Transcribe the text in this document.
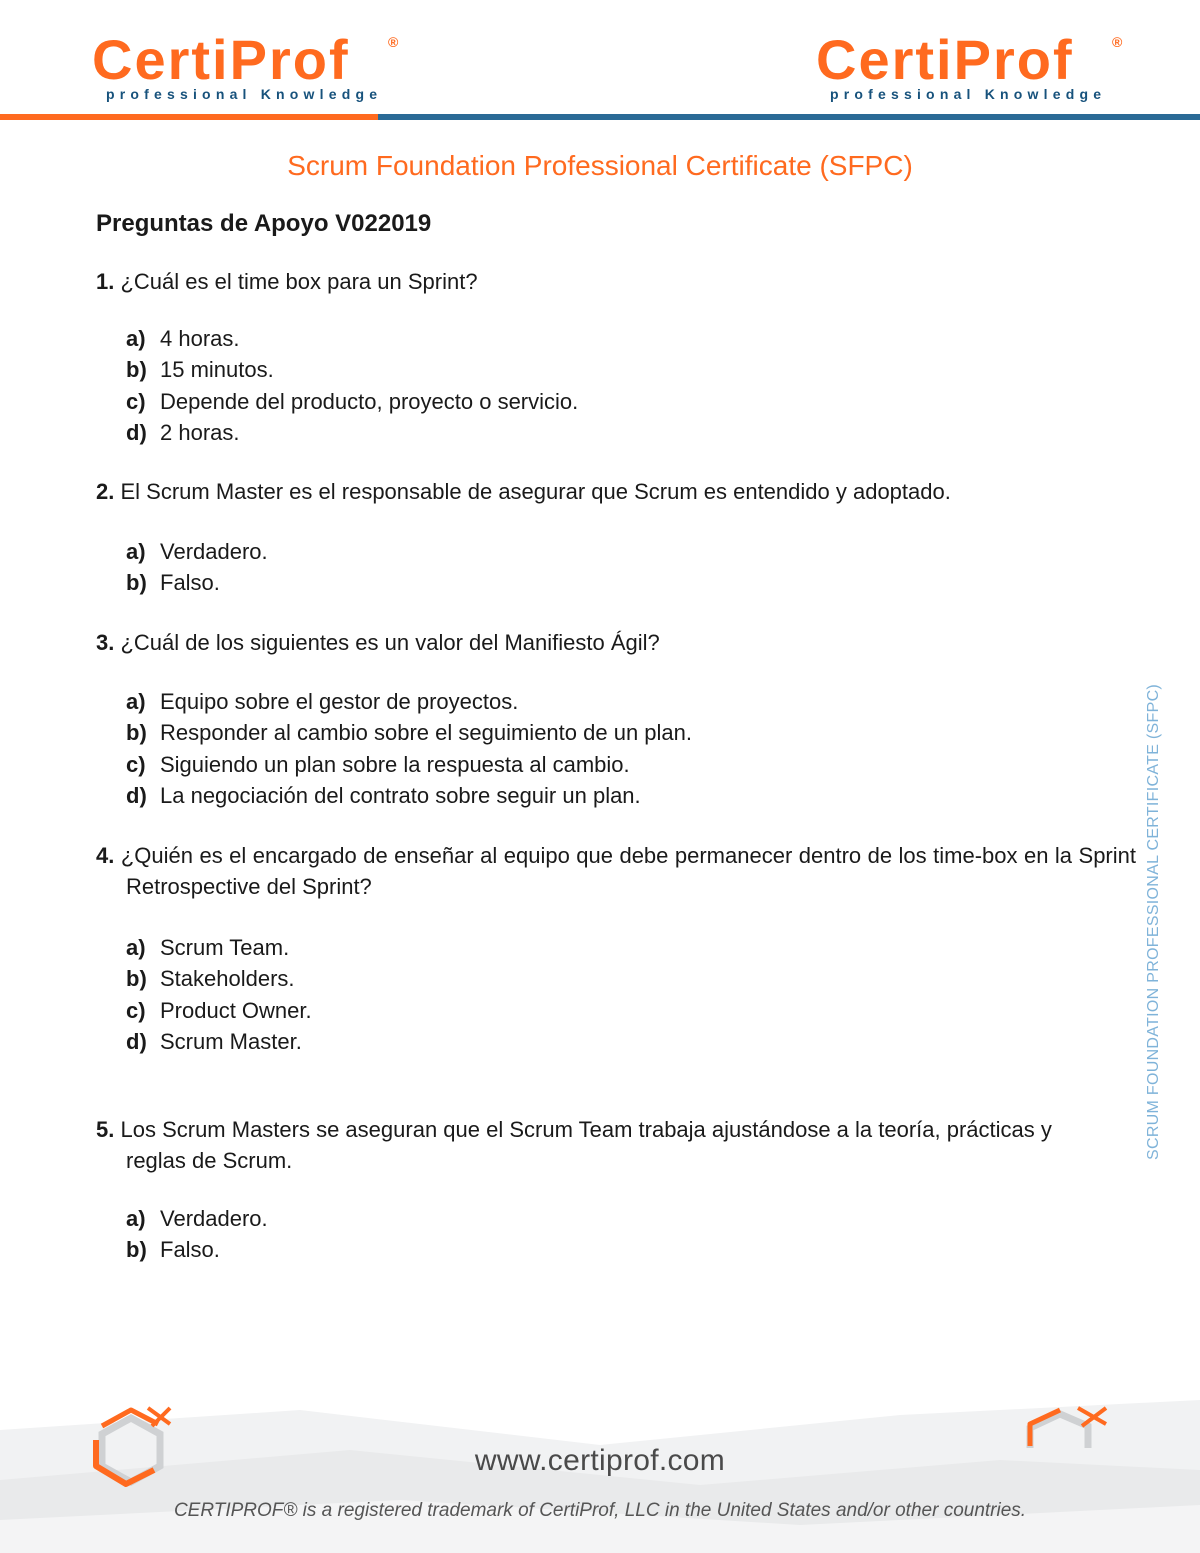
CertiProf	®
professional Knowledge
CertiProf	®
professional Knowledge
Scrum Foundation Professional Certificate (SFPC)
Preguntas de Apoyo V022019
1. ¿Cuál es el time box para un Sprint?
a) 4 horas.
b) 15 minutos.
c) Depende del producto, proyecto o servicio.
d) 2 horas.
2. El Scrum Master es el responsable de asegurar que Scrum es entendido y adoptado.
a) Verdadero.
b) Falso.
3. ¿Cuál de los siguientes es un valor del Manifiesto Ágil?
a) Equipo sobre el gestor de proyectos.
b) Responder al cambio sobre el seguimiento de un plan.
c) Siguiendo un plan sobre la respuesta al cambio.
d) La negociación del contrato sobre seguir un plan.
4. ¿Quién es el encargado de enseñar al equipo que debe permanecer dentro de los time-box en la Sprint Retrospective del Sprint?
a) Scrum Team.
b) Stakeholders.
c) Product Owner.
d) Scrum Master.
5. Los Scrum Masters se aseguran que el Scrum Team trabaja ajustándose a la teoría, prácticas y reglas de Scrum.
a) Verdadero.
b) Falso.
SCRUM FOUNDATION PROFESSIONAL CERTIFICATE (SFPC)
www.certiprof.com
CERTIPROF® is a registered trademark of CertiProf, LLC in the United States and/or other countries.
